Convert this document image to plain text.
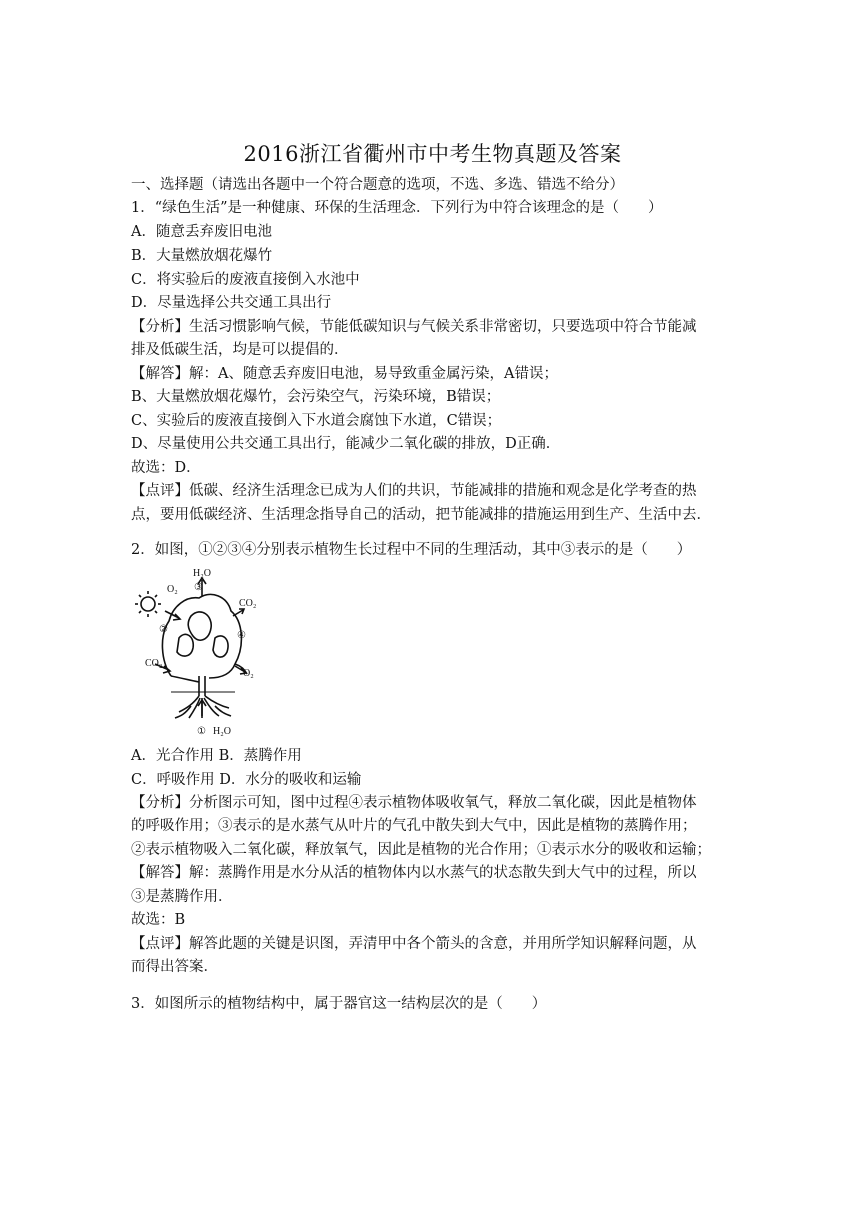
2016浙江省衢州市中考生物真题及答案
一、选择题（请选出各题中一个符合题意的选项，不选、多选、错选不给分）
1．“绿色生活”是一种健康、环保的生活理念．下列行为中符合该理念的是（　　）
A．随意丢弃废旧电池
B．大量燃放烟花爆竹
C．将实验后的废液直接倒入水池中
D．尽量选择公共交通工具出行
【分析】生活习惯影响气候，节能低碳知识与气候关系非常密切，只要选项中符合节能减
排及低碳生活，均是可以提倡的．
【解答】解：A、随意丢弃废旧电池，易导致重金属污染，A错误；
B、大量燃放烟花爆竹，会污染空气，污染环境，B错误；
C、实验后的废液直接倒入下水道会腐蚀下水道，C错误；
D、尽量使用公共交通工具出行，能减少二氧化碳的排放，D正确．
故选：D．
【点评】低碳、经济生活理念已成为人们的共识，节能减排的措施和观念是化学考查的热
点，要用低碳经济、生活理念指导自己的活动，把节能减排的措施运用到生产、生活中去．
2．如图，①②③④分别表示植物生长过程中不同的生理活动，其中③表示的是（　　）
H₂O
③
O₂
CO₂
②
④
CO₂
O₂
① H₂O
A．光合作用 B．蒸腾作用
C．呼吸作用 D．水分的吸收和运输
【分析】分析图示可知，图中过程④表示植物体吸收氧气，释放二氧化碳，因此是植物体
的呼吸作用；③表示的是水蒸气从叶片的气孔中散失到大气中，因此是植物的蒸腾作用；
②表示植物吸入二氧化碳，释放氧气，因此是植物的光合作用；①表示水分的吸收和运输；
【解答】解：蒸腾作用是水分从活的植物体内以水蒸气的状态散失到大气中的过程，所以
③是蒸腾作用．
故选：B
【点评】解答此题的关键是识图，弄清甲中各个箭头的含意，并用所学知识解释问题，从
而得出答案．
3．如图所示的植物结构中，属于器官这一结构层次的是（　　）
